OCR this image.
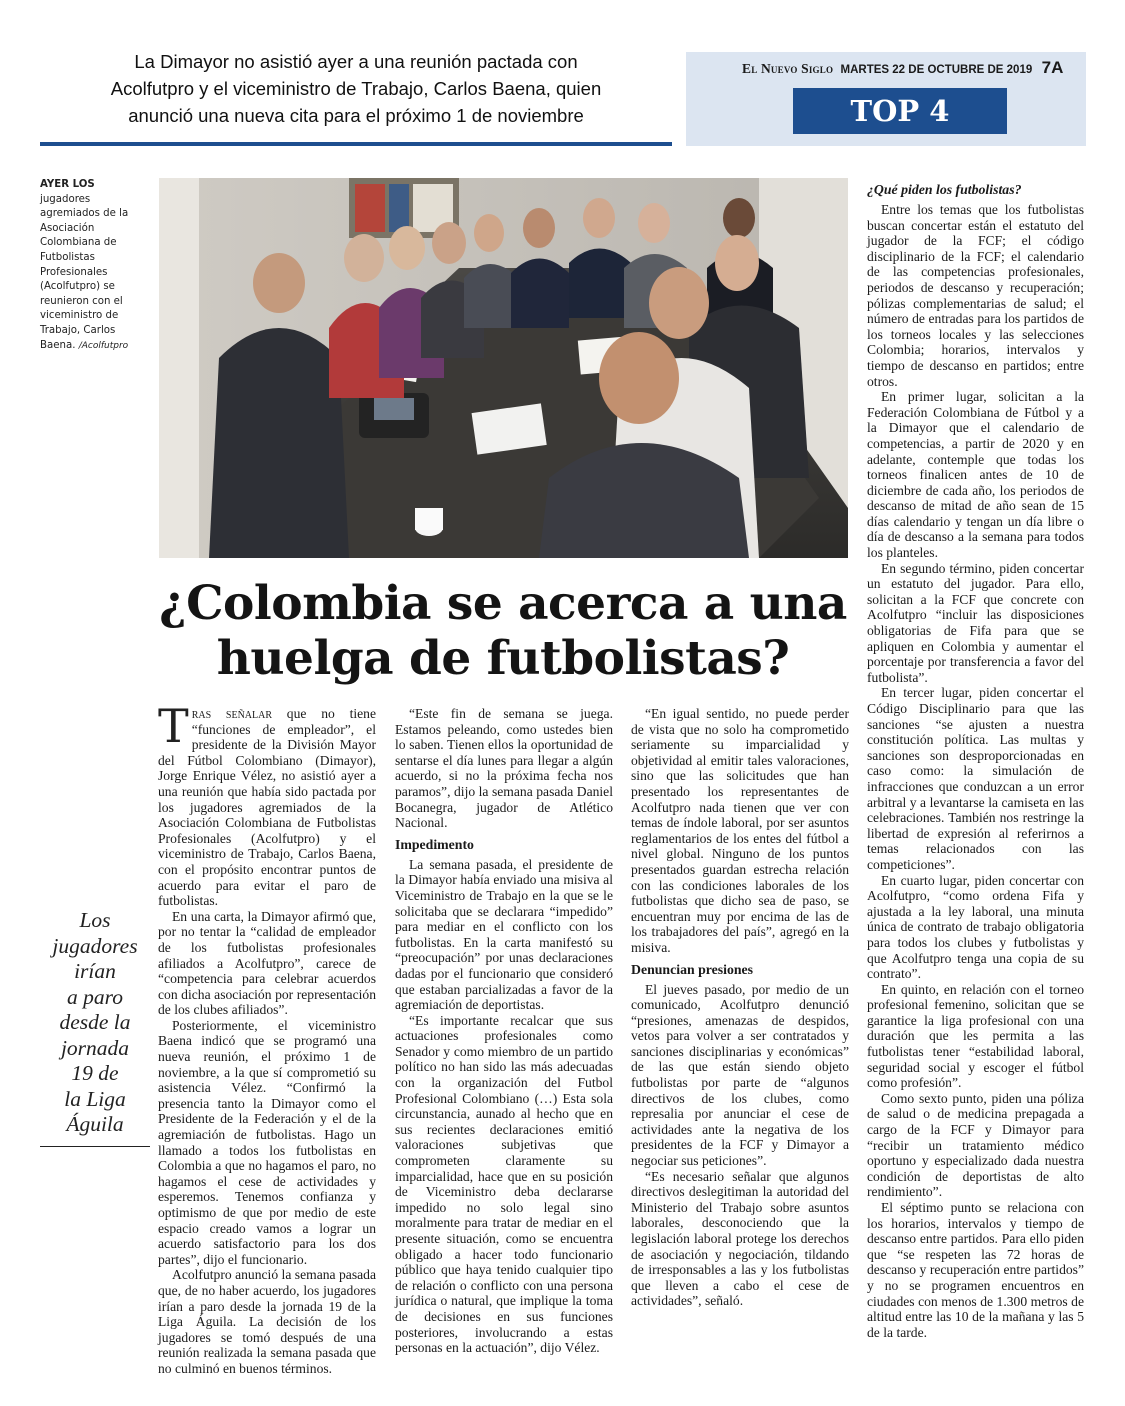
La Dimayor no asistió ayer a una reunión pactada con
Acolfutpro y el viceministro de Trabajo, Carlos Baena, quien
anunció una nueva cita para el próximo 1 de noviembre
El Nuevo Siglo MARTES 22 DE OCTUBRE DE 2019 7A
TOP 4
AYER LOS jugadores agremiados de la Asociación Colombiana de Futbolistas Profesionales (Acolfutpro) se reunieron con el viceministro de Trabajo, Carlos Baena. /Acolfutpro
¿Colombia se acerca a una
huelga de futbolistas?
Los
jugadores
irían
a paro
desde la
jornada
19 de
la Liga
Águila

Tras señalar que no tiene “funciones de empleador”, el presidente de la División Mayor del Fútbol Colombiano (Dimayor), Jorge Enrique Vélez, no asistió ayer a una reunión que había sido pactada por los jugadores agremiados de la Asociación Colombiana de Futbolistas Profesionales (Acolfutpro) y el viceministro de Trabajo, Carlos Baena, con el propósito encontrar puntos de acuerdo para evitar el paro de futbolistas.

En una carta, la Dimayor afirmó que, por no tentar la “calidad de empleador de los futbolistas profesionales afiliados a Acolfutpro”, carece de “competencia para celebrar acuerdos con dicha asociación por representación de los clubes afiliados”.

Posteriormente, el viceministro Baena indicó que se programó una nueva reunión, el próximo 1 de noviembre, a la que sí comprometió su asistencia Vélez. “Confirmó la presencia tanto la Dimayor como el Presidente de la Federación y el de la agremiación de futbolistas. Hago un llamado a todos los futbolistas en Colombia a que no hagamos el paro, no hagamos el cese de actividades y esperemos. Tenemos confianza y optimismo de que por medio de este espacio creado vamos a lograr un acuerdo satisfactorio para los dos partes”, dijo el funcionario.

Acolfutpro anunció la semana pasada que, de no haber acuerdo, los jugadores irían a paro desde la jornada 19 de la Liga Águila. La decisión de los jugadores se tomó después de una reunión realizada la semana pasada que no culminó en buenos términos.

“Este fin de semana se juega. Estamos peleando, como ustedes bien lo saben. Tienen ellos la oportunidad de sentarse el día lunes para llegar a algún acuerdo, si no la próxima fecha nos paramos”, dijo la semana pasada Daniel Bocanegra, jugador de Atlético Nacional.

Impedimento

La semana pasada, el presidente de la Dimayor había enviado una misiva al Viceministro de Trabajo en la que se le solicitaba que se declarara “impedido” para mediar en el conflicto con los futbolistas. En la carta manifestó su “preocupación” por unas declaraciones dadas por el funcionario que consideró que estaban parcializadas a favor de la agremiación de deportistas.

“Es importante recalcar que sus actuaciones profesionales como Senador y como miembro de un partido político no han sido las más adecuadas con la organización del Futbol Profesional Colombiano (…) Esta sola circunstancia, aunado al hecho que en sus recientes declaraciones emitió valoraciones subjetivas que comprometen claramente su imparcialidad, hace que en su posición de Viceministro deba declararse impedido no solo legal sino moralmente para tratar de mediar en el presente situación, como se encuentra obligado a hacer todo funcionario público que haya tenido cualquier tipo de relación o conflicto con una persona jurídica o natural, que implique la toma de decisiones en sus funciones posteriores, involucrando a estas personas en la actuación”, dijo Vélez.

“En igual sentido, no puede perder de vista que no solo ha comprometido seriamente su imparcialidad y objetividad al emitir tales valoraciones, sino que las solicitudes que han presentado los representantes de Acolfutpro nada tienen que ver con temas de índole laboral, por ser asuntos reglamentarios de los entes del fútbol a nivel global. Ninguno de los puntos presentados guardan estrecha relación con las condiciones laborales de los futbolistas que dicho sea de paso, se encuentran muy por encima de las de los trabajadores del país”, agregó en la misiva.

Denuncian presiones

El jueves pasado, por medio de un comunicado, Acolfutpro denunció “presiones, amenazas de despidos, vetos para volver a ser contratados y sanciones disciplinarias y económicas” de las que están siendo objeto futbolistas por parte de “algunos directivos de los clubes, como represalia por anunciar el cese de actividades ante la negativa de los presidentes de la FCF y Dimayor a negociar sus peticiones”.

“Es necesario señalar que algunos directivos deslegitiman la autoridad del Ministerio del Trabajo sobre asuntos laborales, desconociendo que la legislación laboral protege los derechos de asociación y negociación, tildando de irresponsables a las y los futbolistas que lleven a cabo el cese de actividades”, señaló.

¿Qué piden los futbolistas?

Entre los temas que los futbolistas buscan concertar están el estatuto del jugador de la FCF; el código disciplinario de la FCF; el calendario de las competencias profesionales, periodos de descanso y recuperación; pólizas complementarias de salud; el número de entradas para los partidos de los torneos locales y las selecciones Colombia; horarios, intervalos y tiempo de descanso en partidos; entre otros.

En primer lugar, solicitan a la Federación Colombiana de Fútbol y a la Dimayor que el calendario de competencias, a partir de 2020 y en adelante, contemple que todas los torneos finalicen antes de 10 de diciembre de cada año, los periodos de descanso de mitad de año sean de 15 días calendario y tengan un día libre o día de descanso a la semana para todos los planteles.

En segundo término, piden concertar un estatuto del jugador. Para ello, solicitan a la FCF que concrete con Acolfutpro “incluir las disposiciones obligatorias de Fifa para que se apliquen en Colombia y aumentar el porcentaje por transferencia a favor del futbolista”.

En tercer lugar, piden concertar el Código Disciplinario para que las sanciones “se ajusten a nuestra constitución política. Las multas y sanciones son desproporcionadas en caso como: la simulación de infracciones que conduzcan a un error arbitral y a levantarse la camiseta en las celebraciones. También nos restringe la libertad de expresión al referirnos a temas relacionados con las competiciones”.

En cuarto lugar, piden concertar con Acolfutpro, “como ordena Fifa y ajustada a la ley laboral, una minuta única de contrato de trabajo obligatoria para todos los clubes y futbolistas y que Acolfutpro tenga una copia de su contrato”.

En quinto, en relación con el torneo profesional femenino, solicitan que se garantice la liga profesional con una duración que les permita a las futbolistas tener “estabilidad laboral, seguridad social y escoger el fútbol como profesión”.

Como sexto punto, piden una póliza de salud o de medicina prepagada a cargo de la FCF y Dimayor para “recibir un tratamiento médico oportuno y especializado dada nuestra condición de deportistas de alto rendimiento”.

El séptimo punto se relaciona con los horarios, intervalos y tiempo de descanso entre partidos. Para ello piden que “se respeten las 72 horas de descanso y recuperación entre partidos” y no se programen encuentros en ciudades con menos de 1.300 metros de altitud entre las 10 de la mañana y las 5 de la tarde.
